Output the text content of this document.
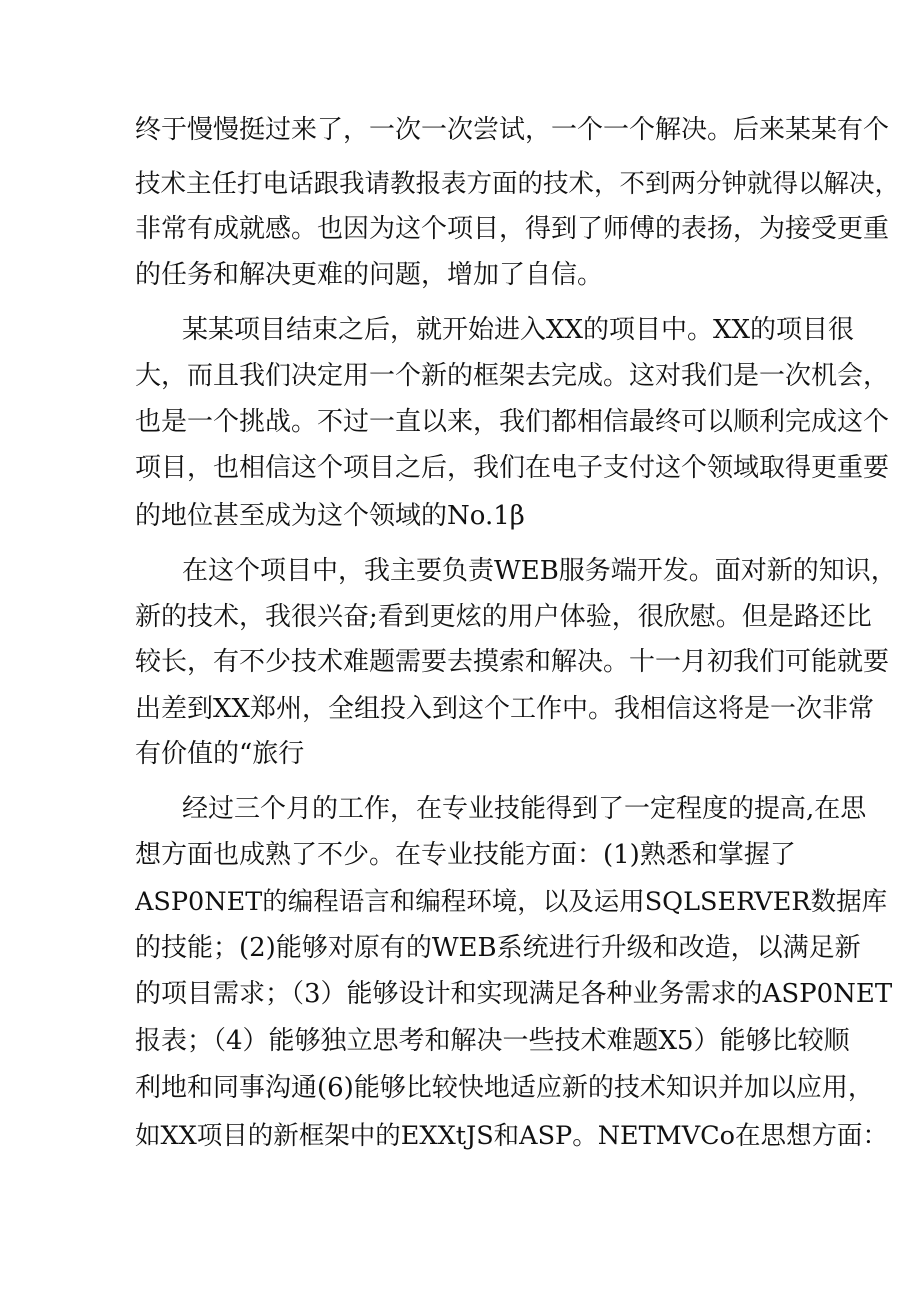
终于慢慢挺过来了，一次一次尝试，一个一个解决。后来某某有个
技术主任打电话跟我请教报表方面的技术，不到两分钟就得以解决，
非常有成就感。也因为这个项目，得到了师傅的表扬，为接受更重
的任务和解决更难的问题，增加了自信。
某某项目结束之后，就开始进入XX的项目中。XX的项目很
大，而且我们决定用一个新的框架去完成。这对我们是一次机会，
也是一个挑战。不过一直以来，我们都相信最终可以顺利完成这个
项目，也相信这个项目之后，我们在电子支付这个领域取得更重要
的地位甚至成为这个领域的No.1β
在这个项目中，我主要负责WEB服务端开发。面对新的知识，
新的技术，我很兴奋;看到更炫的用户体验，很欣慰。但是路还比
较长，有不少技术难题需要去摸索和解决。十一月初我们可能就要
出差到XX郑州，全组投入到这个工作中。我相信这将是一次非常
有价值的“旅行
经过三个月的工作，在专业技能得到了一定程度的提高,在思
想方面也成熟了不少。在专业技能方面：(1)熟悉和掌握了
ASP0NET的编程语言和编程环境，以及运用SQLSERVER数据库
的技能；(2)能够对原有的WEB系统进行升级和改造，以满足新
的项目需求；（3）能够设计和实现满足各种业务需求的ASP0NET
报表；（4）能够独立思考和解决一些技术难题X5）能够比较顺
利地和同事沟通(6)能够比较快地适应新的技术知识并加以应用，
如XX项目的新框架中的EXXtJS和ASP。NETMVCo在思想方面：
